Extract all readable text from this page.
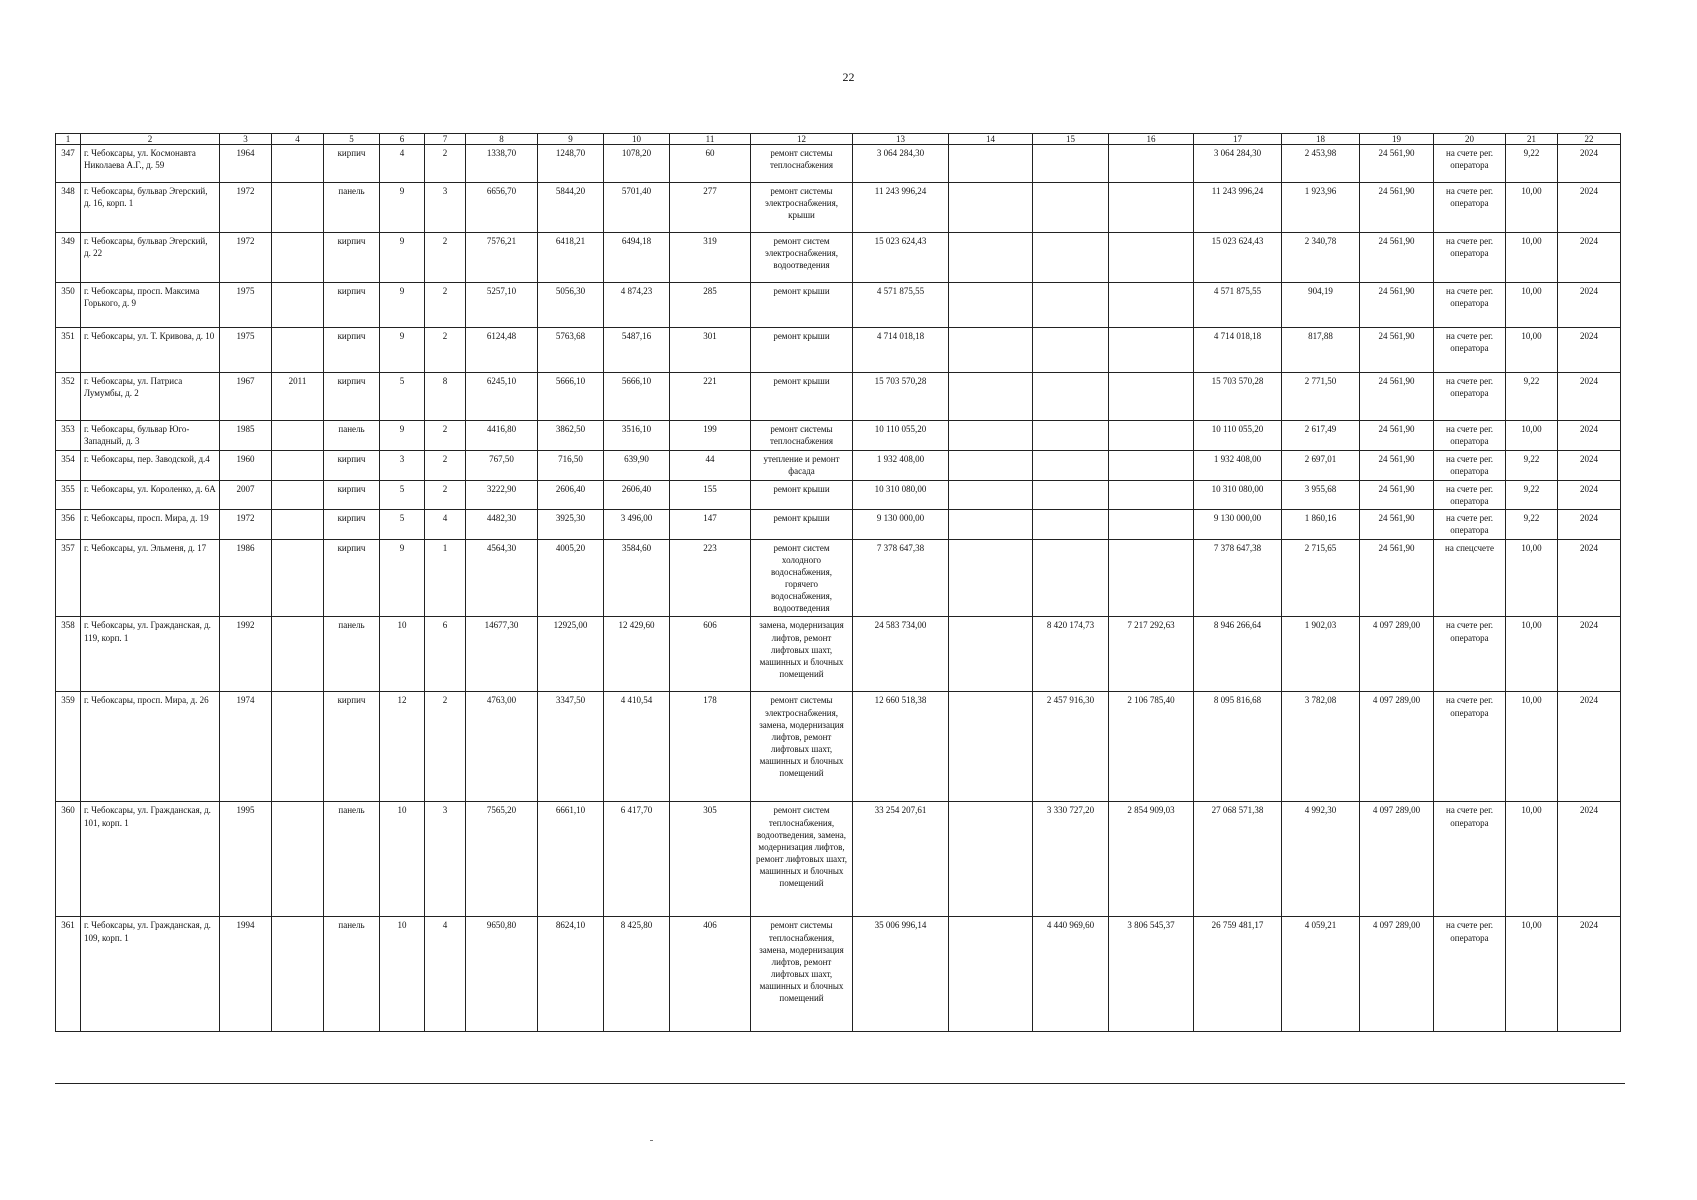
22
1	2	3	4	5	6	7	8	9	10	11	12	13	14	15	16	17	18	19	20	21	22
347	г. Чебоксары, ул. Космонавта Николаева А.Г., д. 59	1964		кирпич	4	2	1338,70	1248,70	1078,20	60	ремонт системы теплоснабжения	3 064 284,30				3 064 284,30	2 453,98	24 561,90	на счете рег. оператора	9,22	2024
348	г. Чебоксары, бульвар Эгерский, д. 16, корп. 1	1972		панель	9	3	6656,70	5844,20	5701,40	277	ремонт системы электроснабжения, крыши	11 243 996,24				11 243 996,24	1 923,96	24 561,90	на счете рег. оператора	10,00	2024
349	г. Чебоксары, бульвар Эгерский, д. 22	1972		кирпич	9	2	7576,21	6418,21	6494,18	319	ремонт систем электроснабжения, водоотведения	15 023 624,43				15 023 624,43	2 340,78	24 561,90	на счете рег. оператора	10,00	2024
350	г. Чебоксары, просп. Максима Горького, д. 9	1975		кирпич	9	2	5257,10	5056,30	4 874,23	285	ремонт крыши	4 571 875,55				4 571 875,55	904,19	24 561,90	на счете рег. оператора	10,00	2024
351	г. Чебоксары, ул. Т. Кривова, д. 10	1975		кирпич	9	2	6124,48	5763,68	5487,16	301	ремонт крыши	4 714 018,18				4 714 018,18	817,88	24 561,90	на счете рег. оператора	10,00	2024
352	г. Чебоксары, ул. Патриса Лумумбы, д. 2	1967	2011	кирпич	5	8	6245,10	5666,10	5666,10	221	ремонт крыши	15 703 570,28				15 703 570,28	2 771,50	24 561,90	на счете рег. оператора	9,22	2024
353	г. Чебоксары, бульвар Юго-Западный, д. 3	1985		панель	9	2	4416,80	3862,50	3516,10	199	ремонт системы теплоснабжения	10 110 055,20				10 110 055,20	2 617,49	24 561,90	на счете рег. оператора	10,00	2024
354	г. Чебоксары, пер. Заводской, д.4	1960		кирпич	3	2	767,50	716,50	639,90	44	утепление и ремонт фасада	1 932 408,00				1 932 408,00	2 697,01	24 561,90	на счете рег. оператора	9,22	2024
355	г. Чебоксары, ул. Короленко, д. 6А	2007		кирпич	5	2	3222,90	2606,40	2606,40	155	ремонт крыши	10 310 080,00				10 310 080,00	3 955,68	24 561,90	на счете рег. оператора	9,22	2024
356	г. Чебоксары, просп. Мира, д. 19	1972		кирпич	5	4	4482,30	3925,30	3 496,00	147	ремонт крыши	9 130 000,00				9 130 000,00	1 860,16	24 561,90	на счете рег. оператора	9,22	2024
357	г. Чебоксары, ул. Эльменя, д. 17	1986		кирпич	9	1	4564,30	4005,20	3584,60	223	ремонт систем холодного водоснабжения, горячего водоснабжения, водоотведения	7 378 647,38				7 378 647,38	2 715,65	24 561,90	на спецсчете	10,00	2024
358	г. Чебоксары, ул. Гражданская, д. 119, корп. 1	1992		панель	10	6	14677,30	12925,00	12 429,60	606	замена, модернизация лифтов, ремонт лифтовых шахт, машинных и блочных помещений	24 583 734,00		8 420 174,73	7 217 292,63	8 946 266,64	1 902,03	4 097 289,00	на счете рег. оператора	10,00	2024
359	г. Чебоксары, просп. Мира, д. 26	1974		кирпич	12	2	4763,00	3347,50	4 410,54	178	ремонт системы электроснабжения, замена, модернизация лифтов, ремонт лифтовых шахт, машинных и блочных помещений	12 660 518,38		2 457 916,30	2 106 785,40	8 095 816,68	3 782,08	4 097 289,00	на счете рег. оператора	10,00	2024
360	г. Чебоксары, ул. Гражданская, д. 101, корп. 1	1995		панель	10	3	7565,20	6661,10	6 417,70	305	ремонт систем теплоснабжения, водоотведения, замена, модернизация лифтов, ремонт лифтовых шахт, машинных и блочных помещений	33 254 207,61		3 330 727,20	2 854 909,03	27 068 571,38	4 992,30	4 097 289,00	на счете рег. оператора	10,00	2024
361	г. Чебоксары, ул. Гражданская, д. 109, корп. 1	1994		панель	10	4	9650,80	8624,10	8 425,80	406	ремонт системы теплоснабжения, замена, модернизация лифтов, ремонт лифтовых шахт, машинных и блочных помещений	35 006 996,14		4 440 969,60	3 806 545,37	26 759 481,17	4 059,21	4 097 289,00	на счете рег. оператора	10,00	2024
